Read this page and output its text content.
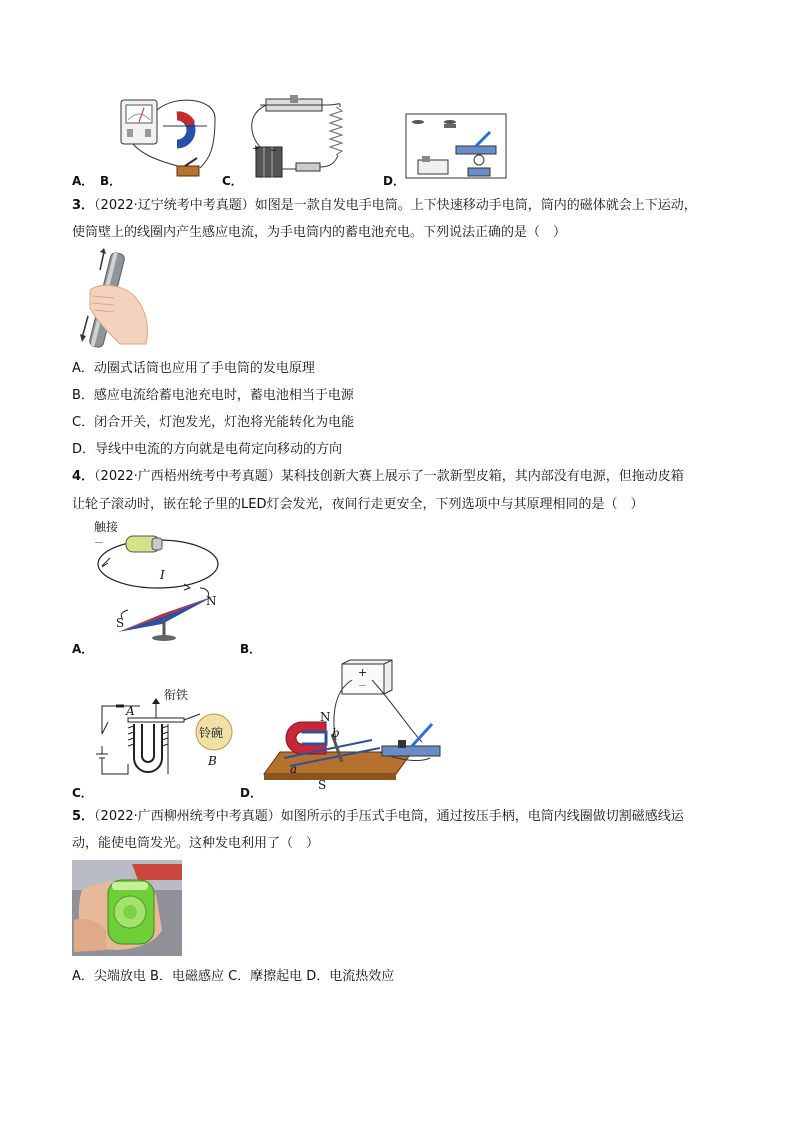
A． B．
+ −
C．	D．
3．（2022·辽宁统考中考真题）如图是一款自发电手电筒。上下快速移动手电筒，筒内的磁体就会上下运动，
使筒壁上的线圈内产生感应电流，为手电筒内的蓄电池充电。下列说法正确的是（　）
A．动圈式话筒也应用了手电筒的发电原理
B．感应电流给蓄电池充电时，蓄电池相当于电源
C．闭合开关，灯泡发光，灯泡将光能转化为电能
D．导线中电流的方向就是电荷定向移动的方向
4．（2022·广西梧州统考中考真题）某科技创新大赛上展示了一款新型皮箱，其内部没有电源，但拖动皮箱
让轮子滚动时，嵌在轮子里的LED灯会发光，夜间行走更安全，下列选项中与其原理相同的是（　）
触接
－
I
N
S
A．	B．
衔铁
铃碗
A
B
C．
+
－
N
S
a
b
D．
5．（2022·广西柳州统考中考真题）如图所示的手压式手电筒，通过按压手柄，电筒内线圈做切割磁感线运
动，能使电筒发光。这种发电利用了（　）
A．尖端放电 B．电磁感应 C．摩擦起电 D．电流热效应
